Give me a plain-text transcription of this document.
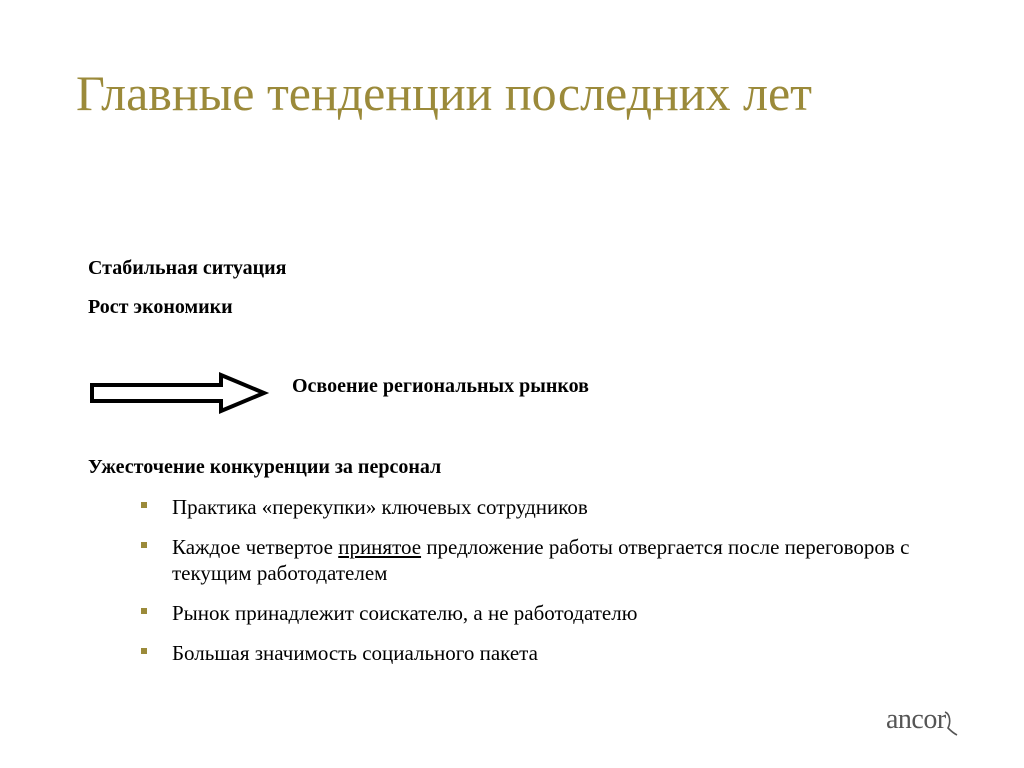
Главные тенденции последних лет
Стабильная ситуация
Рост экономики
Освоение региональных рынков
Ужесточение конкуренции за персонал
Практика «перекупки» ключевых сотрудников
Каждое четвертое принятое предложение работы отвергается после переговоров с текущим работодателем
Рынок принадлежит соискателю, а не работодателю
Большая значимость социального пакета
ancor
